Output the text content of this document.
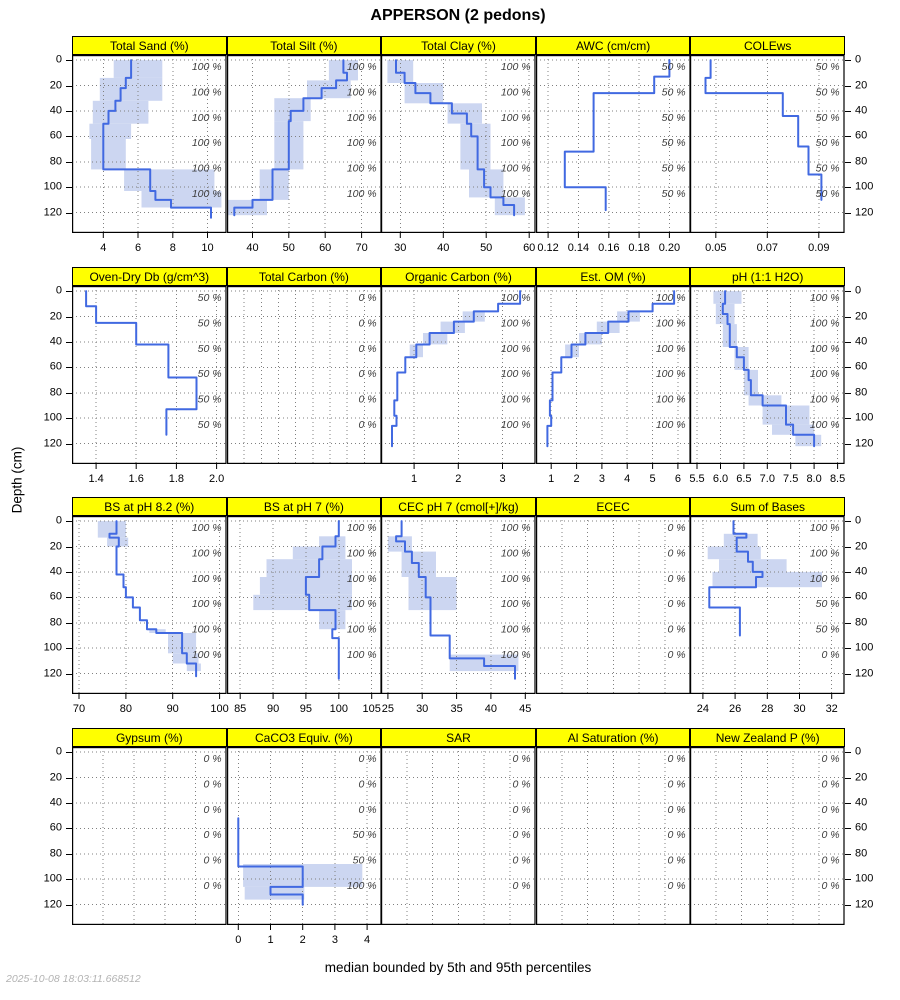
APPERSON (2 pedons)
Depth (cm)
Total Sand (%)
100 %
100 %
100 %
100 %
100 %
100 %
4	6	8 10
Total Silt (%)
100 %
100 %
100 %
100 %
100 %
100 %
40 50 60 70
Total Clay (%)
100 %
100 %
100 %
100 %
100 %
100 %
30	40	50	60
AWC (cm/cm)
50 %
50 %
50 %
50 %
50 %
50 %
0.12 0.14 0.16 0.18 0.20
COLEws
50 %
50 %
50 %
50 %
50 %
50 %
0.05	0.07	0.09
0	0
20	20
40	40
60	60
80	80
100	100
120	120
Oven-Dry Db (g/cm^3)
50 %
50 %
50 %
50 %
50 %
50 %
1.4 1.6 1.8 2.0
Total Carbon (%)
0 %
0 %
0 %
0 %
0 %
0 %
Organic Carbon (%)
100 %
100 %
100 %
100 %
100 %
100 %
1	2	3
Est. OM (%)
100 %
100 %
100 %
100 %
100 %
100 %
1 2 3 4 5 6
pH (1:1 H2O)
100 %
100 %
100 %
100 %
100 %
100 %
5.5 6.0 6.5 7.0 7.5 8.0 8.5
0	0
20	20
40	40
60	60
80	80
100	100
120	120
BS at pH 8.2 (%)
100 %
100 %
100 %
100 %
100 %
100 %
70	80	90	100
BS at pH 7 (%)
100 %
100 %
100 %
100 %
100 %
100 %
85 90 95 100 105
CEC pH 7 (cmol[+]/kg)
100 %
100 %
100 %
100 %
100 %
100 %
25 30 35 40 45
ECEC
0 %
0 %
0 %
0 %
0 %
0 %
Sum of Bases
100 %
100 %
100 %
50 %
50 %
0 %
24 26 28 30 32
0	0
20	20
40	40
60	60
80	80
100	100
120	120
Gypsum (%)
0 %
0 %
0 %
0 %
0 %
0 %
CaCO3 Equiv. (%)
0 %
0 %
0 %
50 %
50 %
100 %
0 1 2 3 4
SAR
0 %
0 %
0 %
0 %
0 %
0 %
Al Saturation (%)
0 %
0 %
0 %
0 %
0 %
0 %
New Zealand P (%)
0 %
0 %
0 %
0 %
0 %
0 %
0	0
20	20
40	40
60	60
80	80
100	100
120	120
median bounded by 5th and 95th percentiles
2025-10-08 18:03:11.668512
